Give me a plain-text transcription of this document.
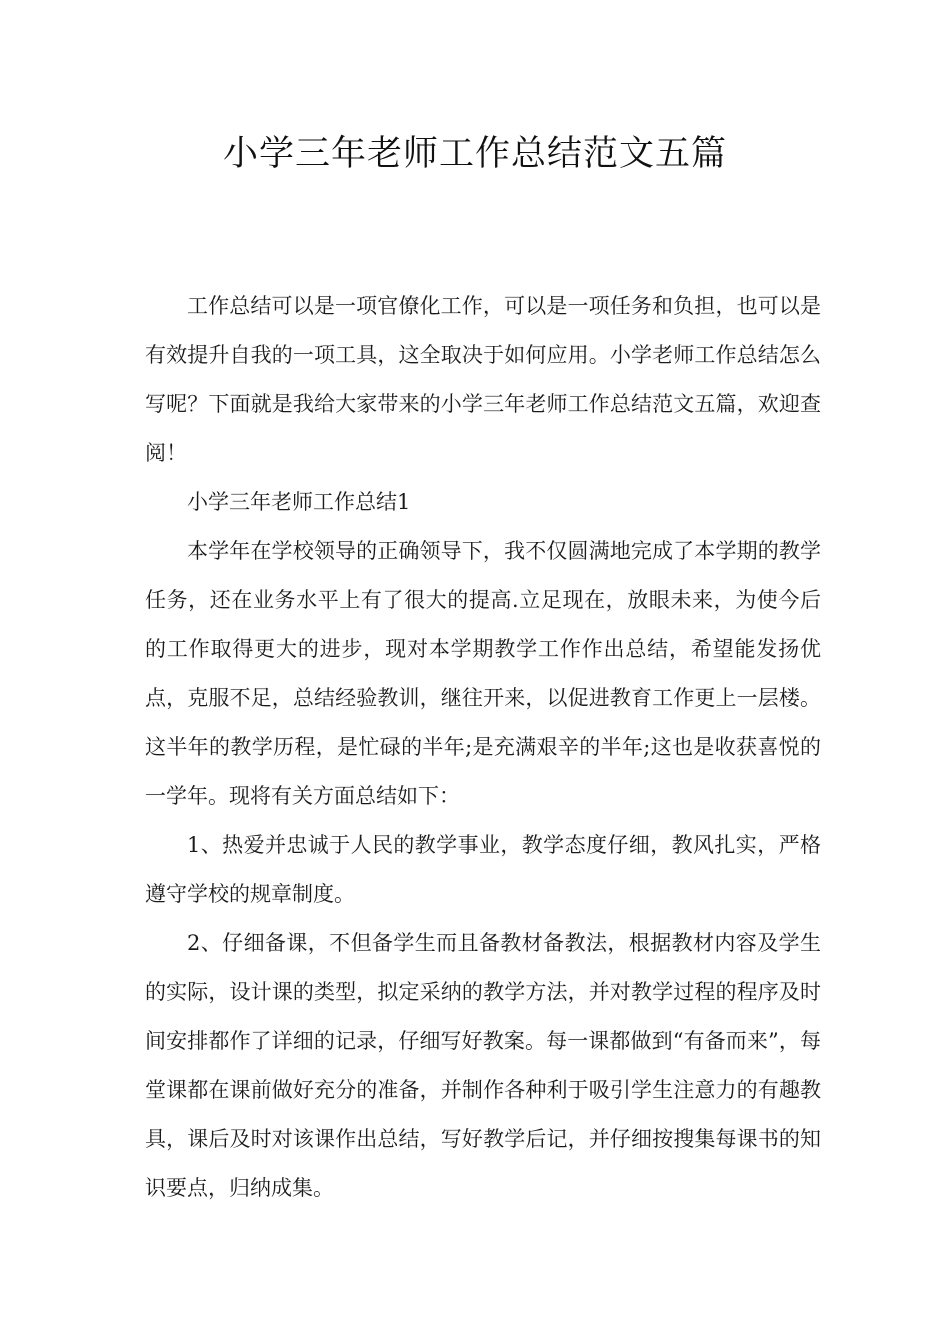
小学三年老师工作总结范文五篇

工作总结可以是一项官僚化工作，可以是一项任务和负担，也可以是有效提升自我的一项工具，这全取决于如何应用。小学老师工作总结怎么写呢？下面就是我给大家带来的小学三年老师工作总结范文五篇，欢迎查阅！

小学三年老师工作总结1

本学年在学校领导的正确领导下，我不仅圆满地完成了本学期的教学任务，还在业务水平上有了很大的提高.立足现在，放眼未来，为使今后的工作取得更大的进步，现对本学期教学工作作出总结，希望能发扬优点，克服不足，总结经验教训，继往开来，以促进教育工作更上一层楼。这半年的教学历程，是忙碌的半年;是充满艰辛的半年;这也是收获喜悦的一学年。现将有关方面总结如下：

1、热爱并忠诚于人民的教学事业，教学态度仔细，教风扎实，严格遵守学校的规章制度。

2、仔细备课，不但备学生而且备教材备教法，根据教材内容及学生的实际，设计课的类型，拟定采纳的教学方法，并对教学过程的程序及时间安排都作了详细的记录，仔细写好教案。每一课都做到“有备而来”，每堂课都在课前做好充分的准备，并制作各种利于吸引学生注意力的有趣教具，课后及时对该课作出总结，写好教学后记，并仔细按搜集每课书的知识要点，归纳成集。
